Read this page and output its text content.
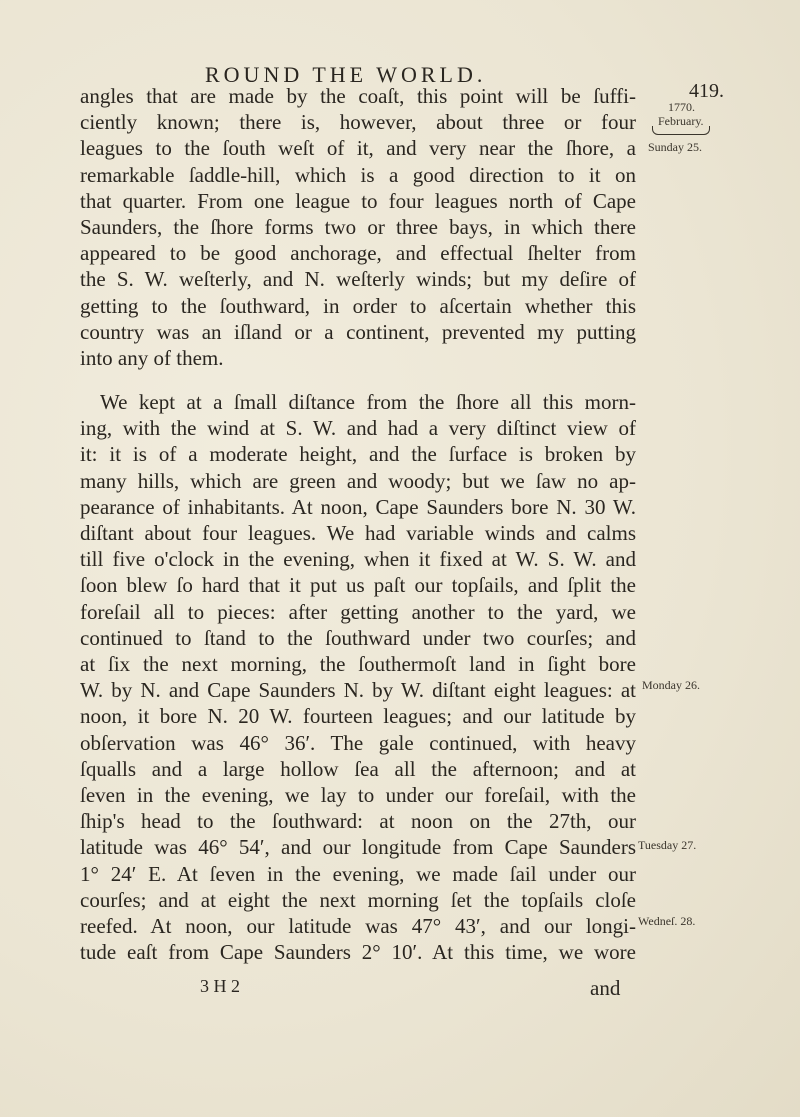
ROUND THE WORLD.
419.
1770.
February.
Sunday 25.
Monday 26.
Tuesday 27.
Wedneſ. 28.
angles that are made by the coaſt, this point will be ſuffi-
ciently known; there is, however, about three or four
leagues to the ſouth weſt of it, and very near the ſhore, a
remarkable ſaddle-hill, which is a good direction to it on
that quarter. From one league to four leagues north of Cape
Saunders, the ſhore forms two or three bays, in which there
appeared to be good anchorage, and effectual ſhelter from
the S. W. weſterly, and N. weſterly winds; but my deſire of
getting to the ſouthward, in order to aſcertain whether this
country was an iſland or a continent, prevented my putting
into any of them.
We kept at a ſmall diſtance from the ſhore all this morn-
ing, with the wind at S. W. and had a very diſtinct view of
it: it is of a moderate height, and the ſurface is broken by
many hills, which are green and woody; but we ſaw no ap-
pearance of inhabitants. At noon, Cape Saunders bore N. 30 W.
diſtant about four leagues. We had variable winds and calms
till five o'clock in the evening, when it fixed at W. S. W. and
ſoon blew ſo hard that it put us paſt our topſails, and ſplit the
foreſail all to pieces: after getting another to the yard, we
continued to ſtand to the ſouthward under two courſes; and
at ſix the next morning, the ſouthermoſt land in ſight bore
W. by N. and Cape Saunders N. by W. diſtant eight leagues: at
noon, it bore N. 20 W. fourteen leagues; and our latitude by
obſervation was 46° 36′. The gale continued, with heavy
ſqualls and a large hollow ſea all the afternoon; and at
ſeven in the evening, we lay to under our foreſail, with the
ſhip's head to the ſouthward: at noon on the 27th, our
latitude was 46° 54′, and our longitude from Cape Saunders
1° 24′ E. At ſeven in the evening, we made ſail under our
courſes; and at eight the next morning ſet the topſails cloſe
reefed. At noon, our latitude was 47° 43′, and our longi-
tude eaſt from Cape Saunders 2° 10′. At this time, we wore
3 H 2	and
